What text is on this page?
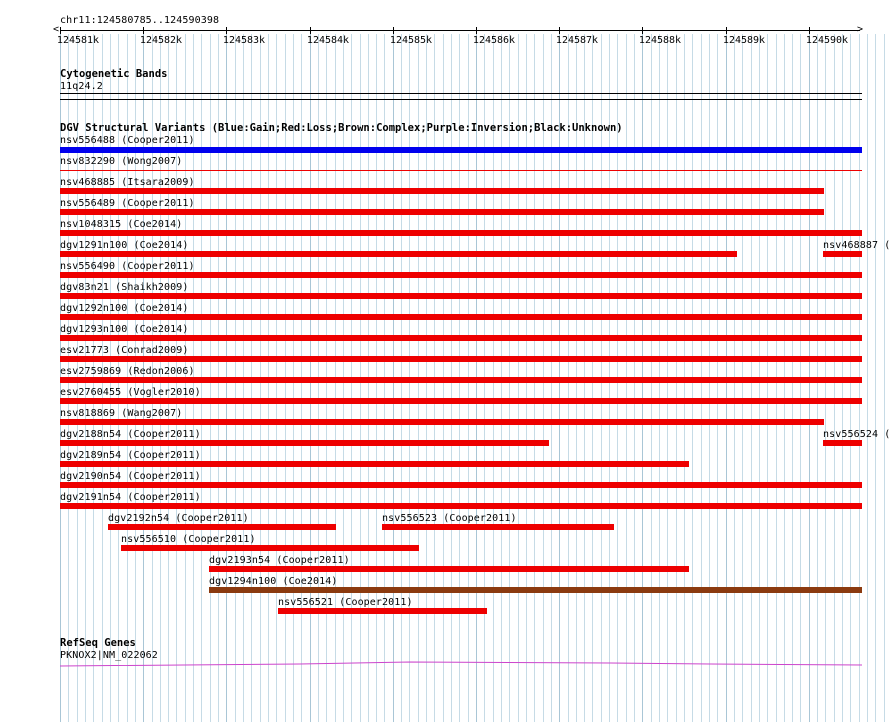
chr11:124580785..124590398
<	>
124581k	124582k	124583k	124584k	124585k	124586k	124587k	124588k	124589k	124590k
Cytogenetic Bands
11q24.2
DGV Structural Variants (Blue:Gain;Red:Loss;Brown:Complex;Purple:Inversion;Black:Unknown)
nsv556488 (Cooper2011)
nsv832290 (Wong2007)
nsv468885 (Itsara2009)
nsv556489 (Cooper2011)
nsv1048315 (Coe2014)
dgv1291n100 (Coe2014)	nsv468887 (
nsv556490 (Cooper2011)
dgv83n21 (Shaikh2009)
dgv1292n100 (Coe2014)
dgv1293n100 (Coe2014)
esv21773 (Conrad2009)
esv2759869 (Redon2006)
esv2760455 (Vogler2010)
nsv818869 (Wang2007)
dgv2188n54 (Cooper2011)	nsv556524 (
dgv2189n54 (Cooper2011)
dgv2190n54 (Cooper2011)
dgv2191n54 (Cooper2011)
dgv2192n54 (Cooper2011)	nsv556523 (Cooper2011)
nsv556510 (Cooper2011)
dgv2193n54 (Cooper2011)
dgv1294n100 (Coe2014)
nsv556521 (Cooper2011)
RefSeq Genes
PKNOX2|NM_022062
